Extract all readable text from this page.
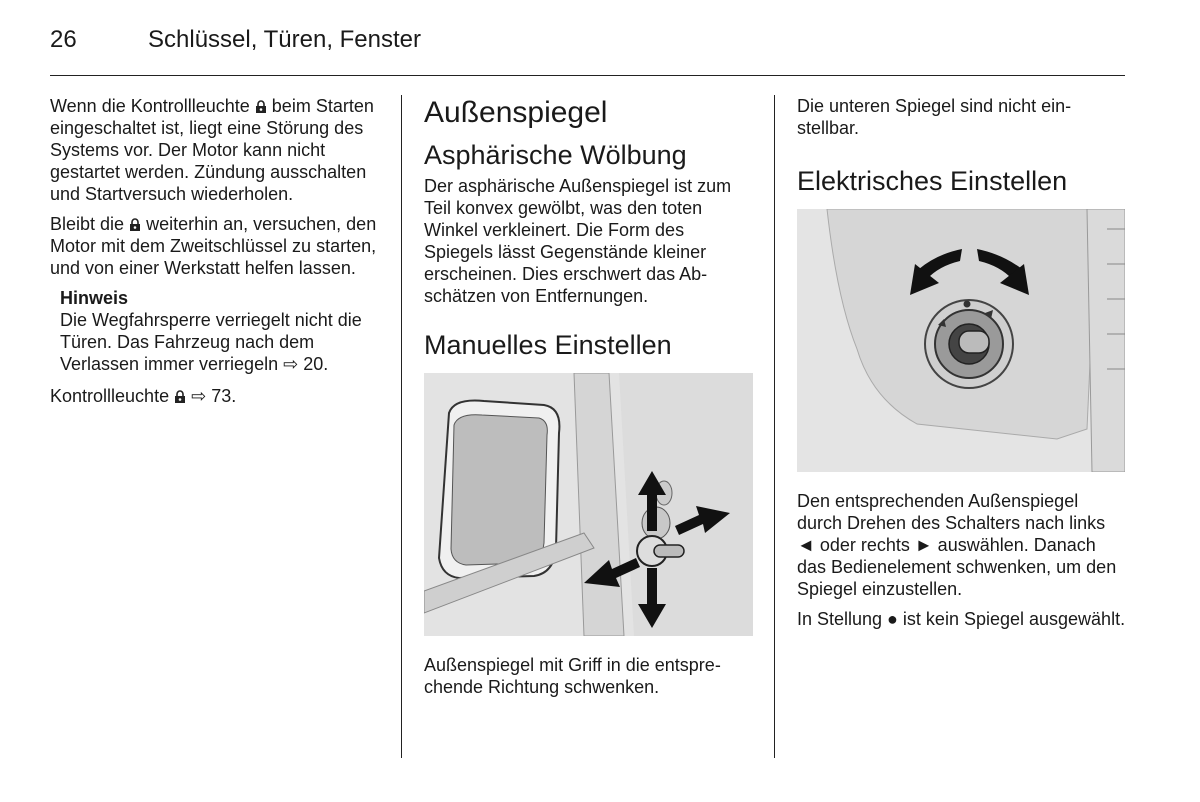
26	Schlüssel, Türen, Fenster

Wenn die Kontrollleuchte  beim Starten eingeschaltet ist, liegt eine Störung des Systems vor. Der Motor kann nicht gestartet werden. Zündung ausschalten und Startversuch wiederholen.

Bleibt die  weiterhin an, versuchen, den Motor mit dem Zweitschlüssel zu starten, und von einer Werkstatt helfen lassen.

Hinweis
Die Wegfahrsperre verriegelt nicht die Türen. Das Fahrzeug nach dem Verlassen immer verriegeln ⇨ 20.

Kontrollleuchte  ⇨ 73.

Außenspiegel
Asphärische Wölbung

Der asphärische Außenspiegel ist zum Teil konvex gewölbt, was den toten Winkel verkleinert. Die Form des Spiegels lässt Gegenstände kleiner erscheinen. Dies erschwert das Abschätzen von Entfernungen.

Manuelles Einstellen

Außenspiegel mit Griff in die entsprechende Richtung schwenken.

Die unteren Spiegel sind nicht einstellbar.

Elektrisches Einstellen

Den entsprechenden Außenspiegel durch Drehen des Schalters nach links ◄ oder rechts ► auswählen. Danach das Bedienelement schwenken, um den Spiegel einzustellen.

In Stellung ● ist kein Spiegel ausgewählt.
